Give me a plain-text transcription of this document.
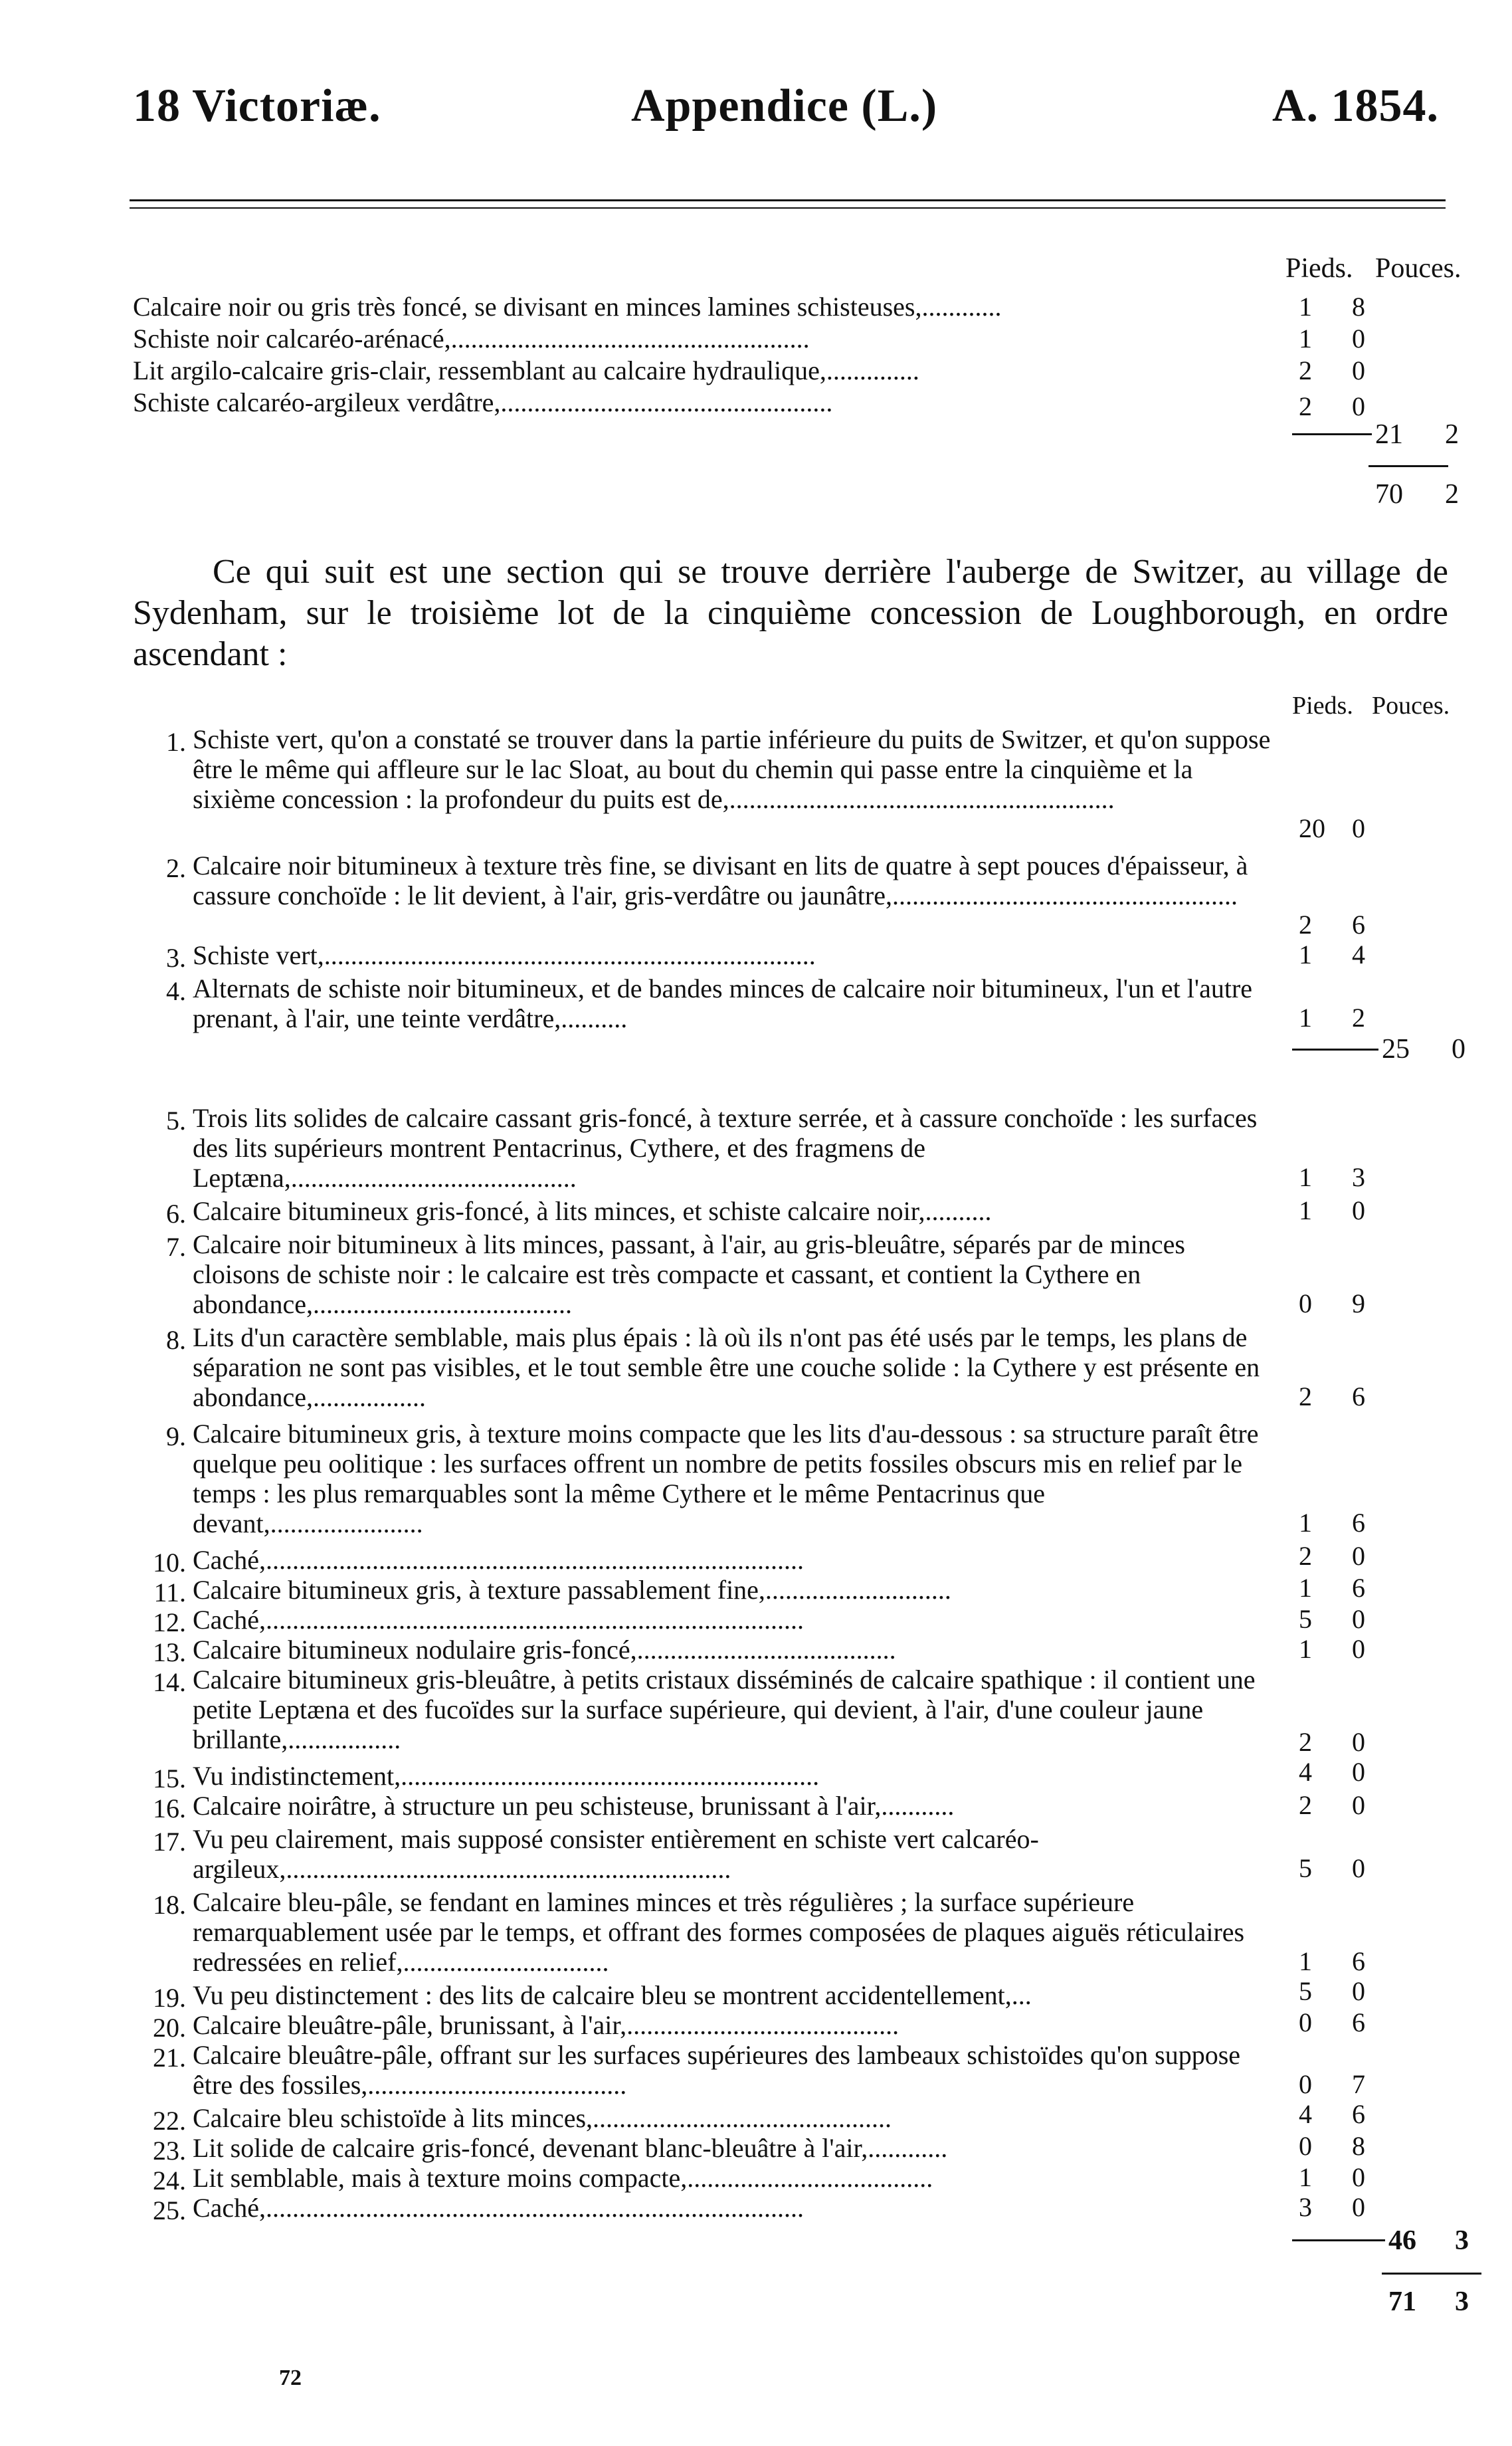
18 Victoriæ.	Appendice (L.)	A. 1854.
Pieds. Pouces.
Calcaire noir ou gris très foncé, se divisant en minces lamines schisteuses,............	1 8
Schiste noir calcaréo-arénacé,......................................................	1 0
Lit argilo-calcaire gris-clair, ressemblant au calcaire hydraulique,..............	2 0
Schiste calcaréo-argileux verdâtre,..................................................	2 0
21 2
70 2
Ce qui suit est une section qui se trouve derrière l'auberge de Switzer, au village de Sydenham, sur le troisième lot de la cinquième concession de Loughborough, en ordre ascendant :
Pieds. Pouces.
1. Schiste vert, qu'on a constaté se trouver dans la partie inférieure du puits de Switzer, et qu'on suppose être le même qui affleure sur le lac Sloat, au bout du chemin qui passe entre la cinquième et la sixième concession : la profondeur du puits est de,..........................................................
20 0
2. Calcaire noir bitumineux à texture très fine, se divisant en lits de quatre à sept pouces d'épaisseur, à cassure conchoïde : le lit devient, à l'air, gris-verdâtre ou jaunâtre,....................................................
2 6
3. Schiste vert,..........................................................................	1 4
4. Alternats de schiste noir bitumineux, et de bandes minces de calcaire noir bitumineux, l'un et l'autre prenant, à l'air, une teinte verdâtre,..........	1 2
25 0
5. Trois lits solides de calcaire cassant gris-foncé, à texture serrée, et à cassure conchoïde : les surfaces des lits supérieurs montrent Pentacrinus, Cythere, et des fragmens de Leptæna,...........................................	1 3
6. Calcaire bitumineux gris-foncé, à lits minces, et schiste calcaire noir,..........	1 0
7. Calcaire noir bitumineux à lits minces, passant, à l'air, au gris-bleuâtre, séparés par de minces cloisons de schiste noir : le calcaire est très compacte et cassant, et contient la Cythere en abondance,.......................................	0 9
8. Lits d'un caractère semblable, mais plus épais : là où ils n'ont pas été usés par le temps, les plans de séparation ne sont pas visibles, et le tout semble être une couche solide : la Cythere y est présente en abondance,.................	2 6
9. Calcaire bitumineux gris, à texture moins compacte que les lits d'au-dessous : sa structure paraît être quelque peu oolitique : les surfaces offrent un nombre de petits fossiles obscurs mis en relief par le temps : les plus remarquables sont la même Cythere et le même Pentacrinus que devant,.......................	1 6
10. Caché,.................................................................................	2 0
11. Calcaire bitumineux gris, à texture passablement fine,............................	1 6
12. Caché,.................................................................................	5 0
13. Calcaire bitumineux nodulaire gris-foncé,.......................................	1 0
14. Calcaire bitumineux gris-bleuâtre, à petits cristaux disséminés de calcaire spathique : il contient une petite Leptæna et des fucoïdes sur la surface supérieure, qui devient, à l'air, d'une couleur jaune brillante,.................	2 0
15. Vu indistinctement,...............................................................	4 0
16. Calcaire noirâtre, à structure un peu schisteuse, brunissant à l'air,...........	2 0
17. Vu peu clairement, mais supposé consister entièrement en schiste vert calcaréo-argileux,...................................................................	5 0
18. Calcaire bleu-pâle, se fendant en lamines minces et très régulières ; la surface supérieure remarquablement usée par le temps, et offrant des formes composées de plaques aiguës réticulaires redressées en relief,...............................	1 6
19. Vu peu distinctement : des lits de calcaire bleu se montrent accidentellement,...	5 0
20. Calcaire bleuâtre-pâle, brunissant, à l'air,.........................................	0 6
21. Calcaire bleuâtre-pâle, offrant sur les surfaces supérieures des lambeaux schistoïdes qu'on suppose être des fossiles,.......................................	0 7
22. Calcaire bleu schistoïde à lits minces,.............................................	4 6
23. Lit solide de calcaire gris-foncé, devenant blanc-bleuâtre à l'air,............	0 8
24. Lit semblable, mais à texture moins compacte,.....................................	1 0
25. Caché,.................................................................................	3 0
46 3
71 3
72
